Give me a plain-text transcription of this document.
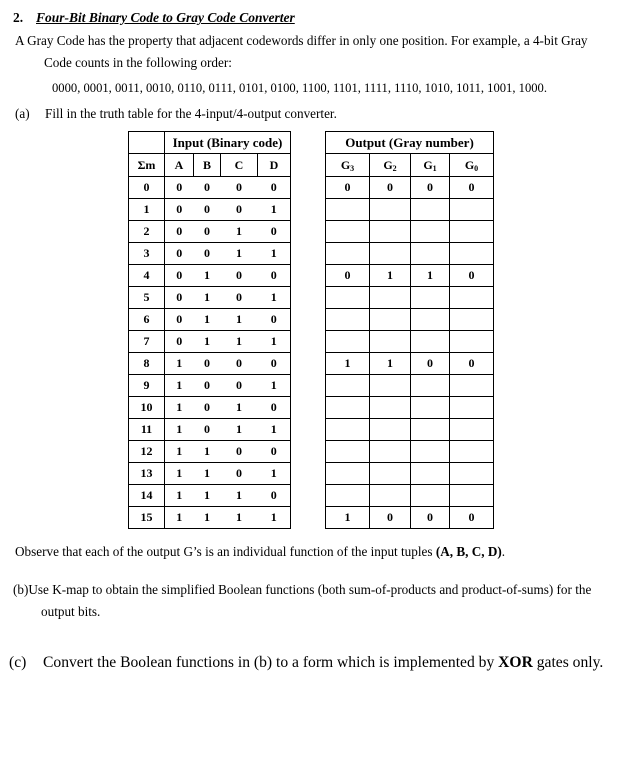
2. Four-Bit Binary Code to Gray Code Converter
A Gray Code has the property that adjacent codewords differ in only one position. For example, a 4-bit Gray
Code counts in the following order:
0000, 0001, 0011, 0010, 0110, 0111, 0101, 0100, 1100, 1101, 1111, 1110, 1010, 1011, 1001, 1000.
(a) Fill in the truth table for the 4-input/4-output converter.
	Input (Binary code)					Output (Gray number)			
Σm	A	B	C	D		$G_3$	$G_2$	$G_1$	$G_0$
0	0	0	0	0		0	0	0	0
1	0	0	0	1					
2	0	0	1	0					
3	0	0	1	1					
4	0	1	0	0		0	1	1	0
5	0	1	0	1					
6	0	1	1	0					
7	0	1	1	1					
8	1	0	0	0		1	1	0	0
9	1	0	0	1					
10	1	0	1	0					
11	1	0	1	1					
12	1	1	0	0					
13	1	1	0	1					
14	1	1	1	0					
15	1	1	1	1		1	0	0	0
Observe that each of the output G’s is an individual function of the input tuples (A, B, C, D).
(b)Use K-map to obtain the simplified Boolean functions (both sum-of-products and product-of-sums) for the
output bits.
(c) Convert the Boolean functions in (b) to a form which is implemented by XOR gates only.
